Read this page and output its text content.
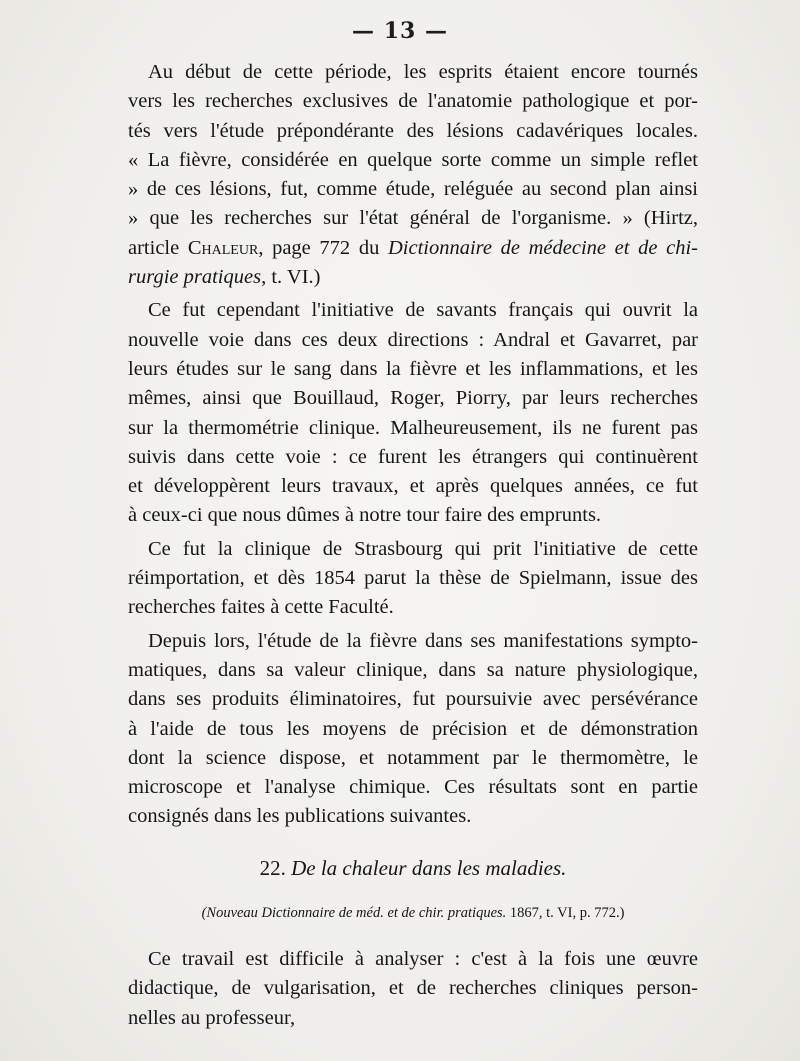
— 13 —
Au début de cette période, les esprits étaient encore tournés
vers les recherches exclusives de l'anatomie pathologique et por-
tés vers l'étude prépondérante des lésions cadavériques locales.
« La fièvre, considérée en quelque sorte comme un simple reflet
» de ces lésions, fut, comme étude, reléguée au second plan ainsi
» que les recherches sur l'état général de l'organisme. » (Hirtz,
article Chaleur, page 772 du Dictionnaire de médecine et de chi-
rurgie pratiques, t. VI.)
Ce fut cependant l'initiative de savants français qui ouvrit la
nouvelle voie dans ces deux directions : Andral et Gavarret, par
leurs études sur le sang dans la fièvre et les inflammations, et les
mêmes, ainsi que Bouillaud, Roger, Piorry, par leurs recherches
sur la thermométrie clinique. Malheureusement, ils ne furent pas
suivis dans cette voie : ce furent les étrangers qui continuèrent
et développèrent leurs travaux, et après quelques années, ce fut
à ceux-ci que nous dûmes à notre tour faire des emprunts.
Ce fut la clinique de Strasbourg qui prit l'initiative de cette
réimportation, et dès 1854 parut la thèse de Spielmann, issue des
recherches faites à cette Faculté.
Depuis lors, l'étude de la fièvre dans ses manifestations sympto-
matiques, dans sa valeur clinique, dans sa nature physiologique,
dans ses produits éliminatoires, fut poursuivie avec persévérance
à l'aide de tous les moyens de précision et de démonstration
dont la science dispose, et notamment par le thermomètre, le
microscope et l'analyse chimique. Ces résultats sont en partie
consignés dans les publications suivantes.
22. De la chaleur dans les maladies.
(Nouveau Dictionnaire de méd. et de chir. pratiques. 1867, t. VI, p. 772.)
Ce travail est difficile à analyser : c'est à la fois une œuvre
didactique, de vulgarisation, et de recherches cliniques person-
nelles au professeur,
